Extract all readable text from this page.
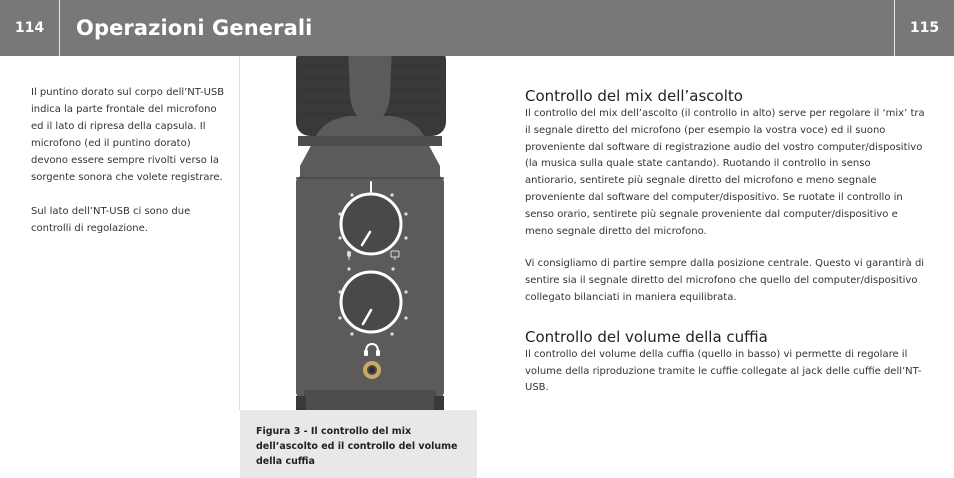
114	Operazioni Generali	115

Il puntino dorato sul corpo dell’NT-USB indica la parte frontale del microfono ed il lato di ripresa della capsula. Il microfono (ed il puntino dorato) devono essere sempre rivolti verso la sorgente sonora che volete registrare.

Sul lato dell’NT-USB ci sono due controlli di regolazione.

Figura 3 - Il controllo del mix dell’ascolto ed il controllo del volume della cuffia
Controllo del mix dell’ascolto

Il controllo del mix dell’ascolto (il controllo in alto) serve per regolare il ‘mix’ tra il segnale diretto del microfono (per esempio la vostra voce) ed il suono proveniente dal software di registrazione audio del vostro computer/dispositivo (la musica sulla quale state cantando). Ruotando il controllo in senso antiorario, sentirete più segnale diretto del microfono e meno segnale proveniente dal software del computer/dispositivo. Se ruotate il controllo in senso orario, sentirete più segnale proveniente dal computer/dispositivo e meno segnale diretto del microfono.

Vi consigliamo di partire sempre dalla posizione centrale. Questo vi garantirà di sentire sia il segnale diretto del microfono che quello del computer/dispositivo collegato bilanciati in maniera equilibrata.

Controllo del volume della cuffia

Il controllo del volume della cuffia (quello in basso) vi permette di regolare il volume della riproduzione tramite le cuffie collegate al jack delle cuffie dell’NT-USB.
